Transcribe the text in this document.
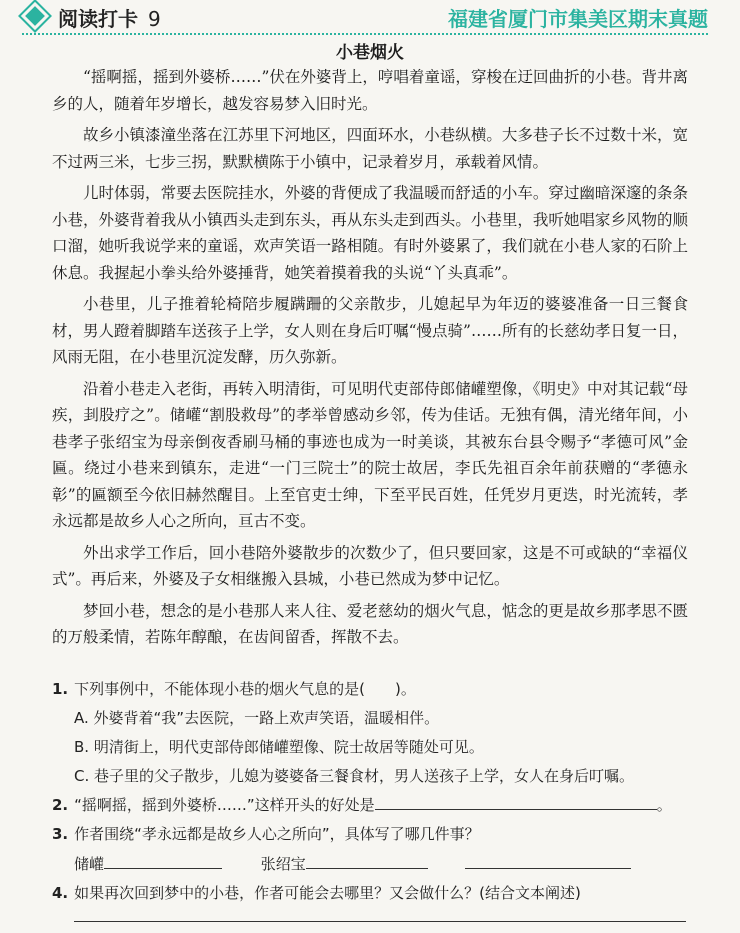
阅读打卡 9	福建省厦门市集美区期末真题
小巷烟火

“摇啊摇，摇到外婆桥……”伏在外婆背上，哼唱着童谣，穿梭在迂回曲折的小巷。背井离乡的人，随着年岁增长，越发容易梦入旧时光。

故乡小镇漆潼坐落在江苏里下河地区，四面环水，小巷纵横。大多巷子长不过数十米，宽不过两三米，七步三拐，默默横陈于小镇中，记录着岁月，承载着风情。

儿时体弱，常要去医院挂水，外婆的背便成了我温暖而舒适的小车。穿过幽暗深邃的条条小巷，外婆背着我从小镇西头走到东头，再从东头走到西头。小巷里，我听她唱家乡风物的顺口溜，她听我说学来的童谣，欢声笑语一路相随。有时外婆累了，我们就在小巷人家的石阶上休息。我握起小拳头给外婆捶背，她笑着摸着我的头说“丫头真乖”。

小巷里，儿子推着轮椅陪步履蹒跚的父亲散步，儿媳起早为年迈的婆婆准备一日三餐食材，男人蹬着脚踏车送孩子上学，女人则在身后叮嘱“慢点骑”……所有的长慈幼孝日复一日，风雨无阻，在小巷里沉淀发酵，历久弥新。

沿着小巷走入老街，再转入明清街，可见明代吏部侍郎储巏塑像，《明史》中对其记载“母疾，刲股疗之”。储巏“割股救母”的孝举曾感动乡邻，传为佳话。无独有偶，清光绪年间，小巷孝子张绍宝为母亲倒夜香刷马桶的事迹也成为一时美谈，其被东台县令赐予“孝德可风”金匾。绕过小巷来到镇东，走进“一门三院士”的院士故居，李氏先祖百余年前获赠的“孝德永彰”的匾额至今依旧赫然醒目。上至官吏士绅，下至平民百姓，任凭岁月更迭，时光流转，孝永远都是故乡人心之所向，亘古不变。

外出求学工作后，回小巷陪外婆散步的次数少了，但只要回家，这是不可或缺的“幸福仪式”。再后来，外婆及子女相继搬入县城，小巷已然成为梦中记忆。

梦回小巷，想念的是小巷那人来人往、爱老慈幼的烟火气息，惦念的更是故乡那孝思不匮的万般柔情，若陈年醇酿，在齿间留香，挥散不去。

1. 下列事例中，不能体现小巷的烟火气息的是(　　)。
A. 外婆背着“我”去医院，一路上欢声笑语，温暖相伴。
B. 明清街上，明代吏部侍郎储巏塑像、院士故居等随处可见。
C. 巷子里的父子散步，儿媳为婆婆备三餐食材，男人送孩子上学，女人在身后叮嘱。
2. “摇啊摇，摇到外婆桥……”这样开头的好处是	。
3. 作者围绕“孝永远都是故乡人心之所向”，具体写了哪几件事？
储巏	张绍宝
4. 如果再次回到梦中的小巷，作者可能会去哪里？又会做什么？(结合文本阐述)
